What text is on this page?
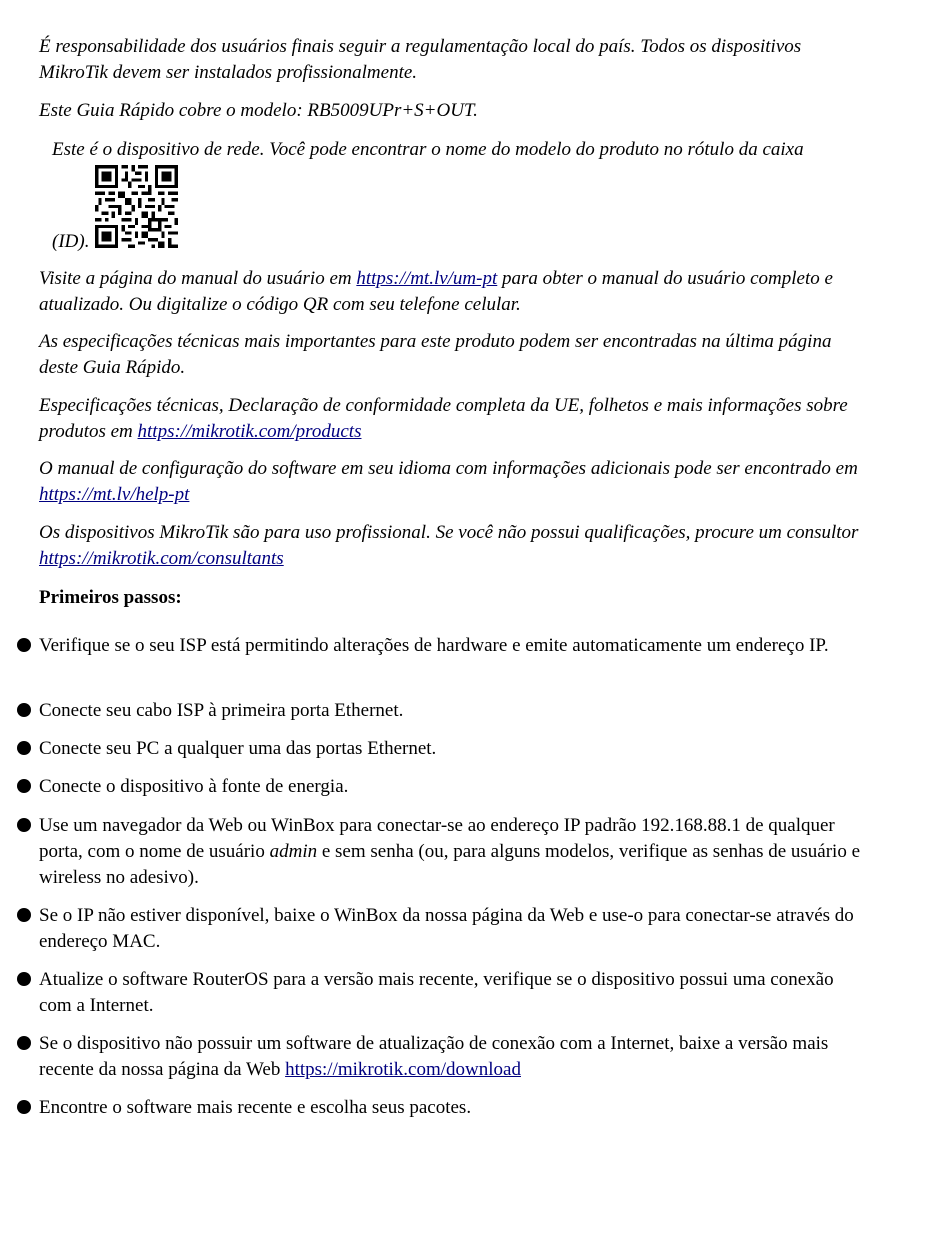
É responsabilidade dos usuários finais seguir a regulamentação local do país. Todos os dispositivos MikroTik devem ser instalados profissionalmente.

Este Guia Rápido cobre o modelo: RB5009UPr+S+OUT.

Este é o dispositivo de rede. Você pode encontrar o nome do modelo do produto no rótulo da caixa
(ID).

Visite a página do manual do usuário em https://mt.lv/um-pt para obter o manual do usuário completo e atualizado. Ou digitalize o código QR com seu telefone celular.

As especificações técnicas mais importantes para este produto podem ser encontradas na última página deste Guia Rápido.

Especificações técnicas, Declaração de conformidade completa da UE, folhetos e mais informações sobre produtos em https://mikrotik.com/products

O manual de configuração do software em seu idioma com informações adicionais pode ser encontrado em https://mt.lv/help-pt

Os dispositivos MikroTik são para uso profissional. Se você não possui qualificações, procure um consultor https://mikrotik.com/consultants

Primeiros passos:

Verifique se o seu ISP está permitindo alterações de hardware e emite automaticamente um endereço IP.

Conecte seu cabo ISP à primeira porta Ethernet.

Conecte seu PC a qualquer uma das portas Ethernet.

Conecte o dispositivo à fonte de energia.

Use um navegador da Web ou WinBox para conectar-se ao endereço IP padrão 192.168.88.1 de qualquer porta, com o nome de usuário admin e sem senha (ou, para alguns modelos, verifique as senhas de usuário e wireless no adesivo).

Se o IP não estiver disponível, baixe o WinBox da nossa página da Web e use-o para conectar-se através do endereço MAC.

Atualize o software RouterOS para a versão mais recente, verifique se o dispositivo possui uma conexão com a Internet.

Se o dispositivo não possuir um software de atualização de conexão com a Internet, baixe a versão mais recente da nossa página da Web https://mikrotik.com/download

Encontre o software mais recente e escolha seus pacotes.
